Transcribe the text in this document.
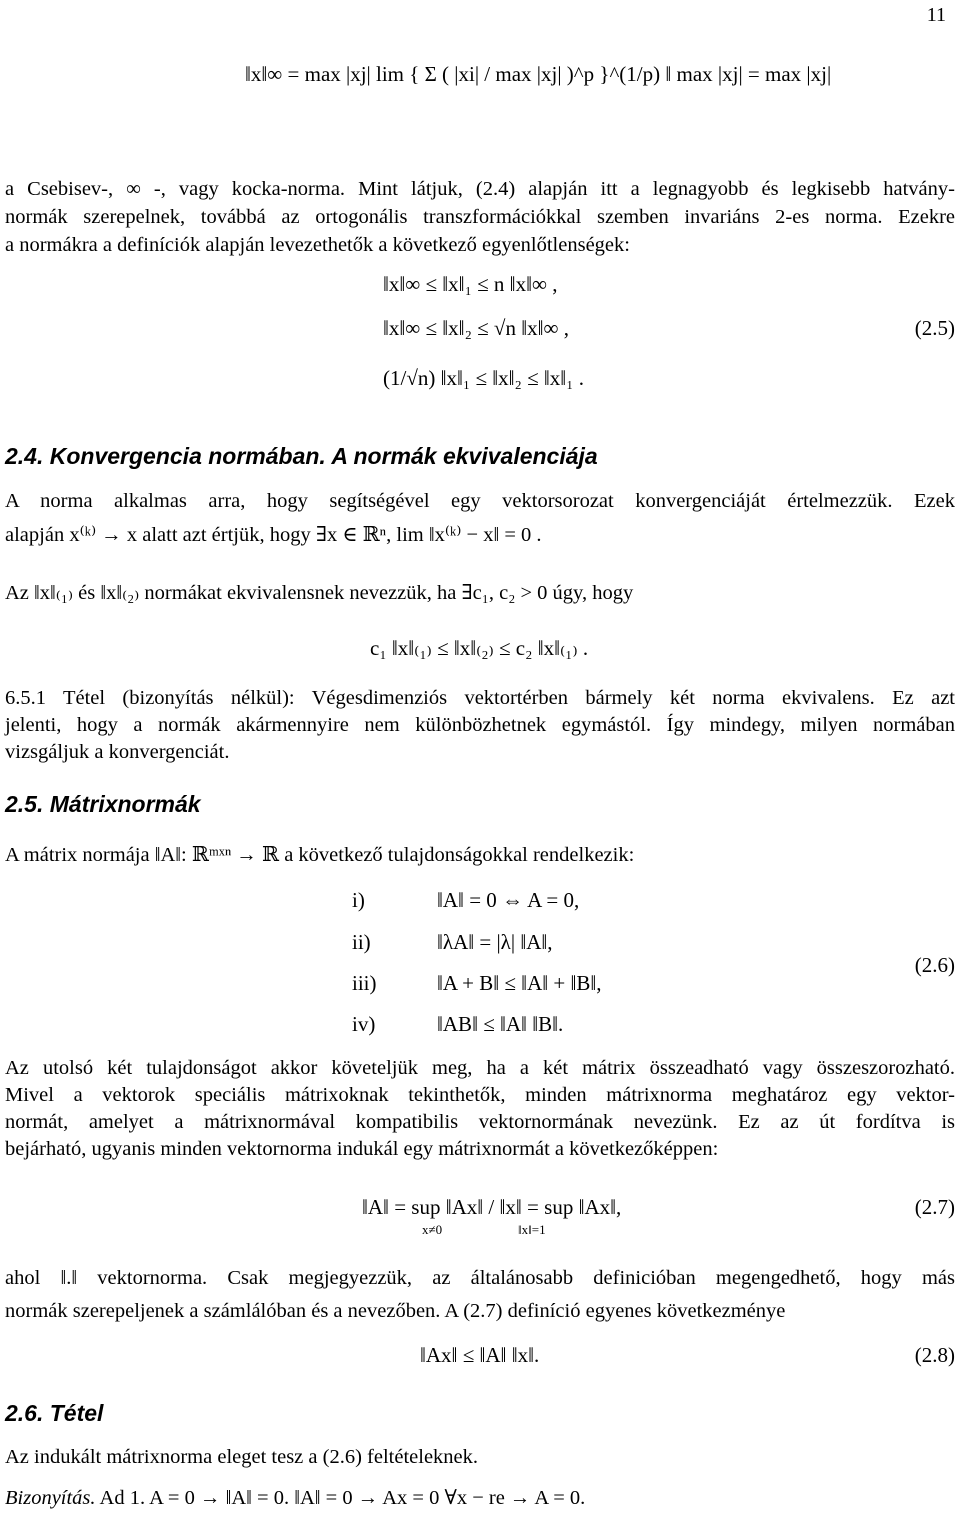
11
‖x‖∞ = max |xj| lim { Σ ( |xi| / max |xj| )^p }^(1/p) ‖ max |xj| = max |xj|
a Csebisev-, ∞ -, vagy kocka-norma. Mint látjuk, (2.4) alapján itt a legnagyobb és legkisebb hatvány-
normák szerepelnek, továbbá az ortogonális transzformációkkal szemben invariáns 2-es norma. Ezekre
a normákra a definíciók alapján levezethetők a következő egyenlőtlenségek:
‖x‖∞ ≤ ‖x‖₁ ≤ n ‖x‖∞ ,
‖x‖∞ ≤ ‖x‖₂ ≤ √n ‖x‖∞ ,
(1/√n) ‖x‖₁ ≤ ‖x‖₂ ≤ ‖x‖₁ .
(2.5)
2.4. Konvergencia normában. A normák ekvivalenciája
A norma alkalmas arra, hogy segítségével egy vektorsorozat konvergenciáját értelmezzük. Ezek
alapján x⁽ᵏ⁾ → x alatt azt értjük, hogy ∃x ∈ ℝⁿ, lim ‖x⁽ᵏ⁾ − x‖ = 0 .
Az ‖x‖₍₁₎ és ‖x‖₍₂₎ normákat ekvivalensnek nevezzük, ha ∃c₁, c₂ > 0 úgy, hogy
c₁ ‖x‖₍₁₎ ≤ ‖x‖₍₂₎ ≤ c₂ ‖x‖₍₁₎ .
6.5.1 Tétel (bizonyítás nélkül): Végesdimenziós vektortérben bármely két norma ekvivalens. Ez azt
jelenti, hogy a normák akármennyire nem különbözhetnek egymástól. Így mindegy, milyen normában
vizsgáljuk a konvergenciát.
2.5. Mátrixnormák
A mátrix normája ‖A‖: ℝᵐˣⁿ → ℝ a következő tulajdonságokkal rendelkezik:
i)	‖A‖ = 0 ⇔ A = 0,
ii)	‖λA‖ = |λ| ‖A‖,
iii)	‖A + B‖ ≤ ‖A‖ + ‖B‖,
iv)	‖AB‖ ≤ ‖A‖ ‖B‖.
(2.6)
Az utolsó két tulajdonságot akkor követeljük meg, ha a két mátrix összeadható vagy összeszorozható.
Mivel a vektorok speciális mátrixoknak tekinthetők, minden mátrixnorma meghatároz egy vektor-
normát, amelyet a mátrixnormával kompatibilis vektornormának nevezünk. Ez az út fordítva is
bejárható, ugyanis minden vektornorma indukál egy mátrixnormát a következőképpen:
‖A‖ = sup ‖Ax‖ / ‖x‖ = sup ‖Ax‖,
x≠0	‖x‖=1
(2.7)
ahol ‖.‖ vektornorma. Csak megjegyezzük, az általánosabb definicióban megengedhető, hogy más
normák szerepeljenek a számlálóban és a nevezőben. A (2.7) definíció egyenes következménye
‖Ax‖ ≤ ‖A‖ ‖x‖.	(2.8)
2.6. Tétel
Az indukált mátrixnorma eleget tesz a (2.6) feltételeknek.
Bizonyítás. Ad 1. A = 0 → ‖A‖ = 0. ‖A‖ = 0 → Ax = 0 ∀x − re → A = 0.
